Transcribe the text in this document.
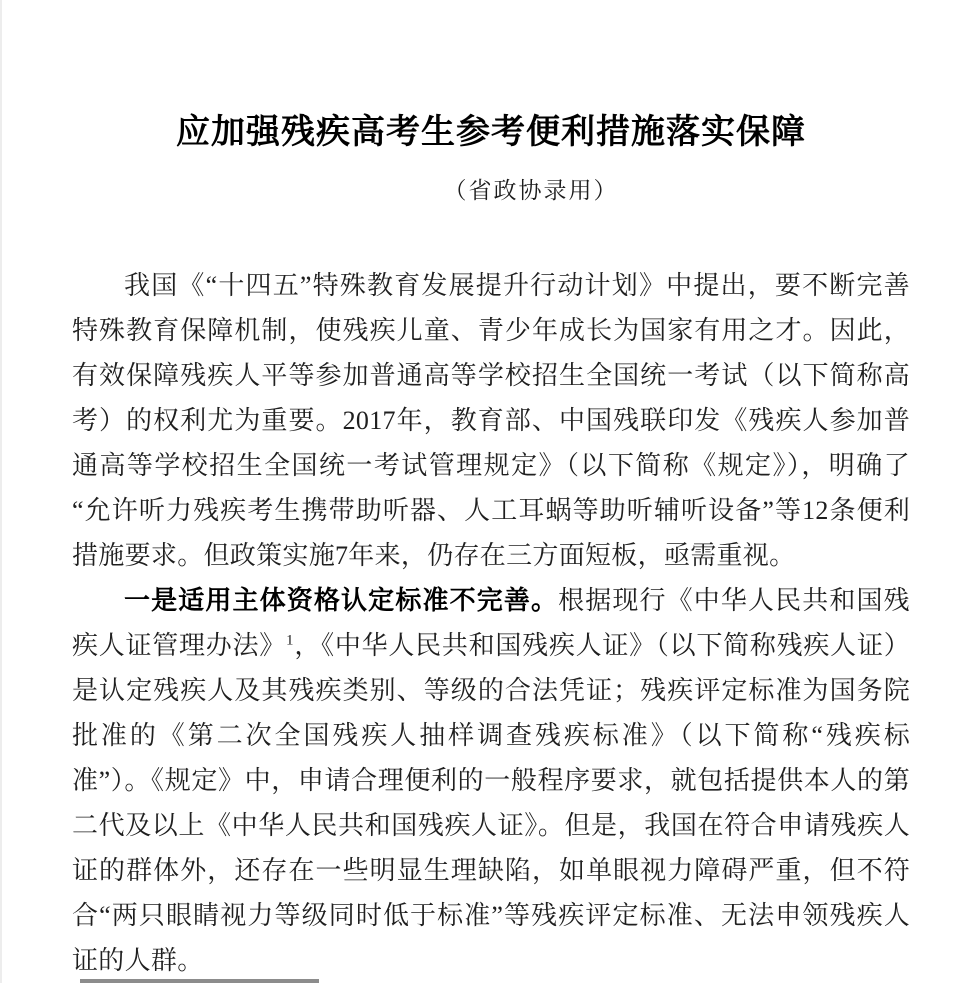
应加强残疾高考生参考便利措施落实保障
（省政协录用）

我国《“十四五”特殊教育发展提升行动计划》中提出，要不断完善特殊教育保障机制，使残疾儿童、青少年成长为国家有用之才。因此，有效保障残疾人平等参加普通高等学校招生全国统一考试（以下简称高考）的权利尤为重要。2017年，教育部、中国残联印发《残疾人参加普通高等学校招生全国统一考试管理规定》（以下简称《规定》），明确了“允许听力残疾考生携带助听器、人工耳蜗等助听辅听设备”等12条便利措施要求。但政策实施7年来，仍存在三方面短板，亟需重视。

一是适用主体资格认定标准不完善。根据现行《中华人民共和国残疾人证管理办法》$^1$，《中华人民共和国残疾人证》（以下简称残疾人证）是认定残疾人及其残疾类别、等级的合法凭证；残疾评定标准为国务院批准的《第二次全国残疾人抽样调查残疾标准》（以下简称“残疾标准”）。《规定》中，申请合理便利的一般程序要求，就包括提供本人的第二代及以上《中华人民共和国残疾人证》。但是，我国在符合申请残疾人证的群体外，还存在一些明显生理缺陷，如单眼视力障碍严重，但不符合“两只眼睛视力等级同时低于标准”等残疾评定标准、无法申领残疾人证的人群。
